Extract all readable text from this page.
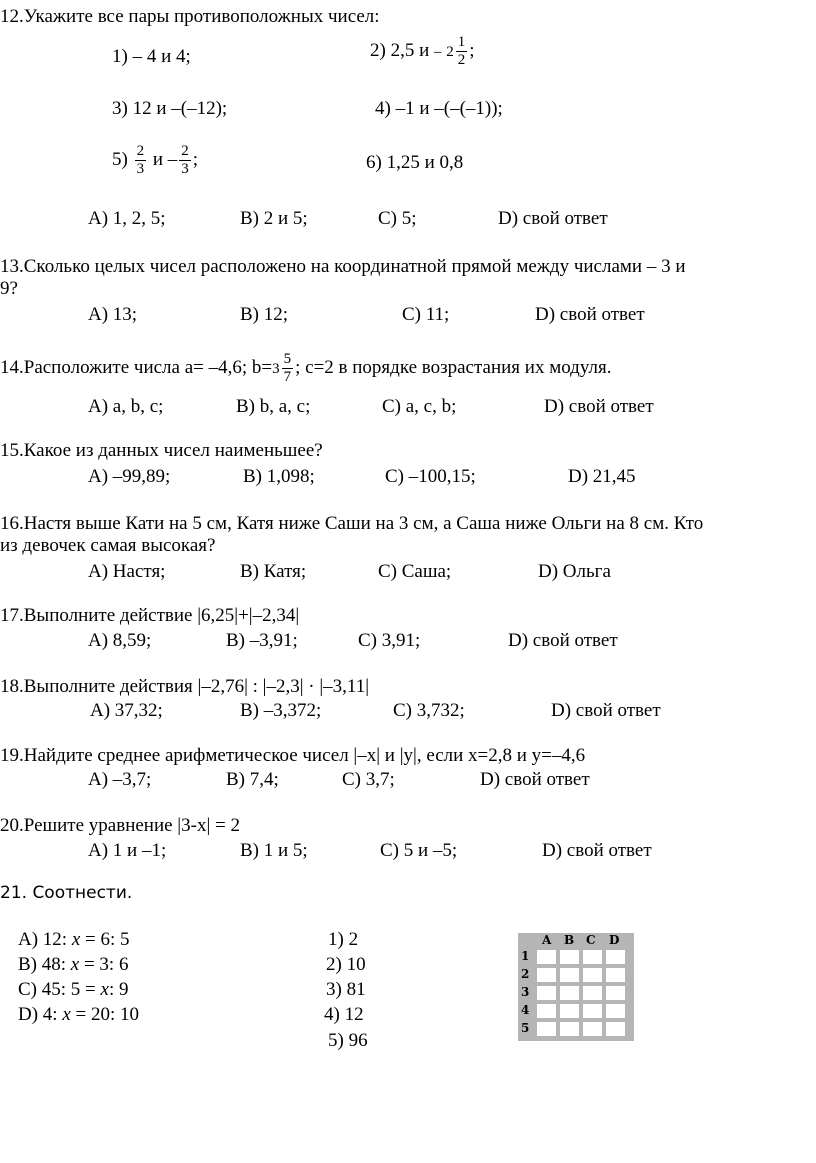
12.Укажите все пары противоположных чисел:
1) – 4 и 4;	2) 2,5 и – $2 \frac{1}{2}$ ;
3) 12 и –(–12);	4) –1 и –(–(–1));
$5) \frac{2}{3}$ и – $\frac{2}{3}$ ;	6) 1,25 и 0,8
А) 1, 2, 5;	В) 2 и 5;	С) 5;	D) свой ответ
13.Сколько целых чисел расположено на координатной прямой между числами – 3 и
9?
А) 13;	В) 12;	С) 11;	D) свой ответ
14.Расположите числа а= –4,6; $b=3 \frac{5}{7}$ ; с=2 в порядке возрастания их модуля.
А) a, b, c;	В) b, a, c;	С) a, c, b;	D) свой ответ
15.Какое из данных чисел наименьшее?
А) –99,89;	В) 1,098;	С) –100,15;	D) 21,45
16.Настя выше Кати на 5 см, Катя ниже Саши на 3 см, а Саша ниже Ольги на 8 см. Кто
из девочек самая высокая?
А) Настя;	В) Катя;	С) Саша;	D) Ольга
17.Выполните действие |6,25|+|–2,34|
А) 8,59;	В) –3,91;	С) 3,91;	D) свой ответ
18.Выполните действия |–2,76| : |–2,3| · |–3,11|
А) 37,32;	В) –3,372;	С) 3,732;	D) свой ответ
19.Найдите среднее арифметическое чисел |–x| и |y|, если x=2,8 и y=–4,6
А) –3,7;	В) 7,4;	С) 3,7;	D) свой ответ
20.Решите уравнение |3-x| = 2
А) 1 и –1;	В) 1 и 5;	С) 5 и –5;	D) свой ответ
21. Соотнести.
A) 12: x = 6: 5
B) 48: x = 3: 6
C) 45: 5 = x: 9
D) 4: x = 20: 10
1) 2
2) 10
3) 81
4) 12
5) 96
A B C D
1
2
3
4
5
